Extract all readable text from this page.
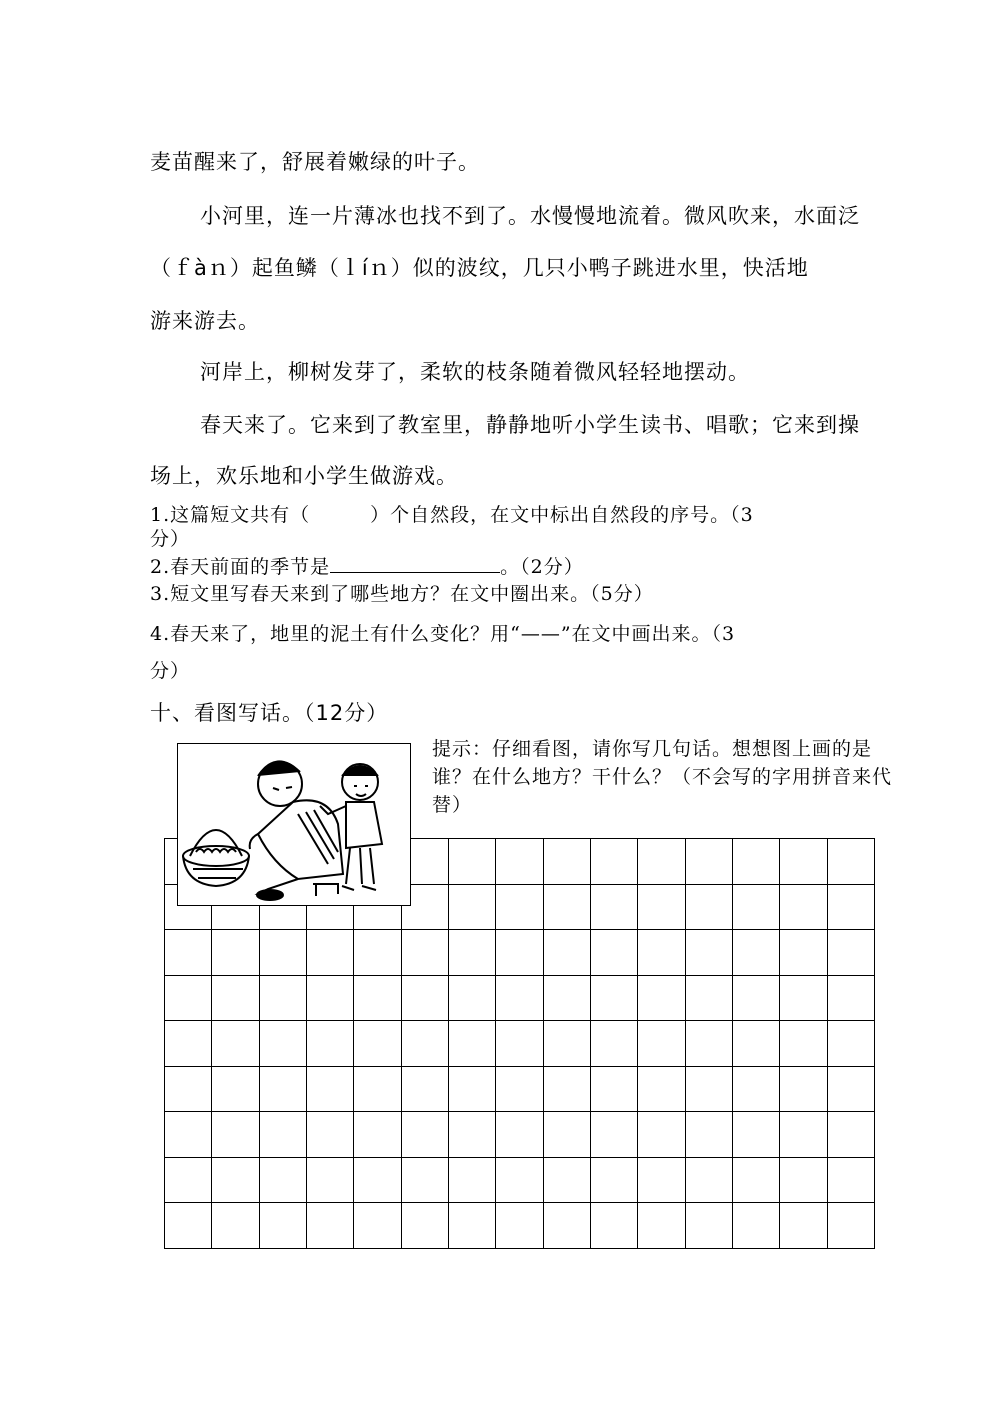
麦苗醒来了，舒展着嫩绿的叶子。
小河里，连一片薄冰也找不到了。水慢慢地流着。微风吹来，水面泛
（ｆàｎ）起鱼鳞（ｌíｎ）似的波纹，几只小鸭子跳进水里，快活地
游来游去。
河岸上，柳树发芽了，柔软的枝条随着微风轻轻地摆动。
春天来了。它来到了教室里，静静地听小学生读书、唱歌；它来到操
场上，欢乐地和小学生做游戏。
1.这篇短文共有（	）个自然段，在文中标出自然段的序号。（3
分）
2.春天前面的季节是	。（2分）
3.短文里写春天来到了哪些地方？在文中圈出来。（5分）
4.春天来了，地里的泥土有什么变化？用“——”在文中画出来。（3
分）
十、看图写话。（12分）
提示：仔细看图，请你写几句话。想想图上画的是谁？在什么地方？干什么？（不会写的字用拼音来代替）
